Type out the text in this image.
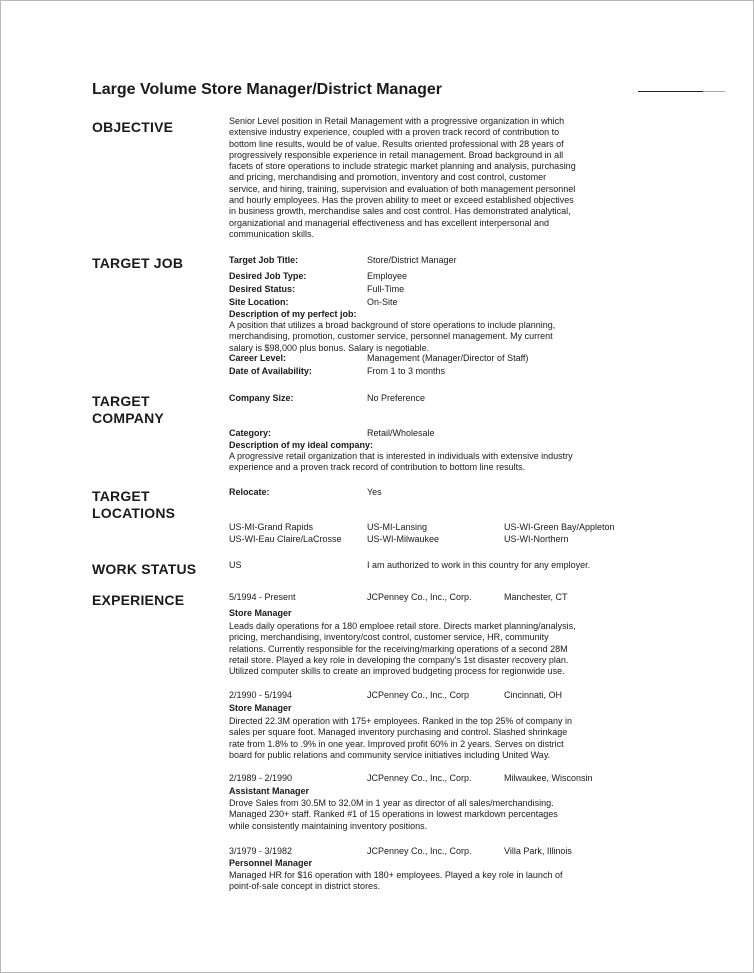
Large Volume Store Manager/District Manager
OBJECTIVE	Senior Level position in Retail Management with a progressive organization in which
extensive industry experience, coupled with a proven track record of contribution to
bottom line results, would be of value. Results oriented professional with 28 years of
progressively responsible experience in retail management. Broad background in all
facets of store operations to include strategic market planning and analysis, purchasing
and pricing, merchandising and promotion, inventory and cost control, customer
service, and hiring, training, supervision and evaluation of both management personnel
and hourly employees. Has the proven ability to meet or exceed established objectives
in business growth, merchandise sales and cost control. Has demonstrated analytical,
organizational and managerial effectiveness and has excellent interpersonal and
communication skills.
TARGET JOB	Target Job Title:	Store/District Manager
Desired Job Type:	Employee
Desired Status:	Full-Time
Site Location:	On-Site
Description of my perfect job:
A position that utilizes a broad background of store operations to include planning,
merchandising, promotion, customer service, personnel management. My current
salary is $98,000 plus bonus. Salary is negotiable.
Career Level:	Management (Manager/Director of Staff)
Date of Availability:	From 1 to 3 months
TARGET
COMPANY
Company Size:	No Preference
Category:	Retail/Wholesale
Description of my ideal company:
A progressive retail organization that is interested in individuals with extensive industry
experience and a proven track record of contribution to bottom line results.
TARGET
LOCATIONS
Relocate:	Yes
US-MI-Grand Rapids	US-MI-Lansing	US-WI-Green Bay/Appleton
US-WI-Eau Claire/LaCrosse	US-WI-Milwaukee	US-WI-Northern
WORK STATUS	US	I am authorized to work in this country for any employer.
EXPERIENCE	5/1994 - Present	JCPenney Co., Inc., Corp.	Manchester, CT
Store Manager
Leads daily operations for a 180 emploee retail store. Directs market planning/analysis,
pricing, merchandising, inventory/cost control, customer service, HR, community
relations. Currently responsible for the receiving/marking operations of a second 28M
retail store. Played a key role in developing the company's 1st disaster recovery plan.
Utilized computer skills to create an improved budgeting process for regionwide use.
2/1990 - 5/1994	JCPenney Co., Inc., Corp	Cincinnati, OH
Store Manager
Directed 22.3M operation with 175+ employees. Ranked in the top 25% of company in
sales per square foot. Managed inventory purchasing and control. Slashed shrinkage
rate from 1.8% to .9% in one year. Improved profit 60% in 2 years. Serves on district
board for public relations and community service initiatives including United Way.
2/1989 - 2/1990	JCPenney Co., Inc., Corp.	Milwaukee, Wisconsin
Assistant Manager
Drove Sales from 30.5M to 32.0M in 1 year as director of all sales/merchandising.
Managed 230+ staff. Ranked #1 of 15 operations in lowest markdown percentages
while consistently maintaining inventory positions.
3/1979 - 3/1982	JCPenney Co., Inc., Corp.	Villa Park, Illinois
Personnel Manager
Managed HR for $16 operation with 180+ employees. Played a key role in launch of
point-of-sale concept in district stores.
